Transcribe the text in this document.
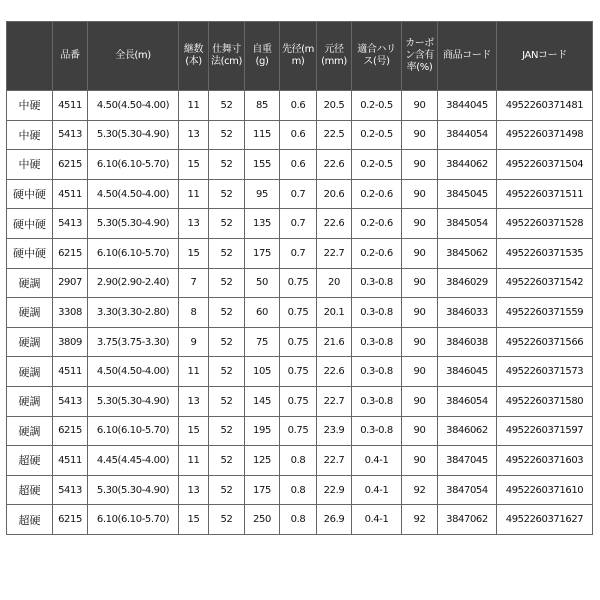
	品番	全長(m)	継数(本)	仕舞寸法(cm)	自重(g)	先径(mm)	元径(mm)	適合ハリス(号)	カーボン含有率(%)	商品コード	JANコード
中硬	4511	4.50(4.50-4.00)	11	52	85	0.6	20.5	0.2-0.5	90	3844045	4952260371481
中硬	5413	5.30(5.30-4.90)	13	52	115	0.6	22.5	0.2-0.5	90	3844054	4952260371498
中硬	6215	6.10(6.10-5.70)	15	52	155	0.6	22.6	0.2-0.5	90	3844062	4952260371504
硬中硬	4511	4.50(4.50-4.00)	11	52	95	0.7	20.6	0.2-0.6	90	3845045	4952260371511
硬中硬	5413	5.30(5.30-4.90)	13	52	135	0.7	22.6	0.2-0.6	90	3845054	4952260371528
硬中硬	6215	6.10(6.10-5.70)	15	52	175	0.7	22.7	0.2-0.6	90	3845062	4952260371535
硬調	2907	2.90(2.90-2.40)	7	52	50	0.75	20	0.3-0.8	90	3846029	4952260371542
硬調	3308	3.30(3.30-2.80)	8	52	60	0.75	20.1	0.3-0.8	90	3846033	4952260371559
硬調	3809	3.75(3.75-3.30)	9	52	75	0.75	21.6	0.3-0.8	90	3846038	4952260371566
硬調	4511	4.50(4.50-4.00)	11	52	105	0.75	22.6	0.3-0.8	90	3846045	4952260371573
硬調	5413	5.30(5.30-4.90)	13	52	145	0.75	22.7	0.3-0.8	90	3846054	4952260371580
硬調	6215	6.10(6.10-5.70)	15	52	195	0.75	23.9	0.3-0.8	90	3846062	4952260371597
超硬	4511	4.45(4.45-4.00)	11	52	125	0.8	22.7	0.4-1	90	3847045	4952260371603
超硬	5413	5.30(5.30-4.90)	13	52	175	0.8	22.9	0.4-1	92	3847054	4952260371610
超硬	6215	6.10(6.10-5.70)	15	52	250	0.8	26.9	0.4-1	92	3847062	4952260371627
